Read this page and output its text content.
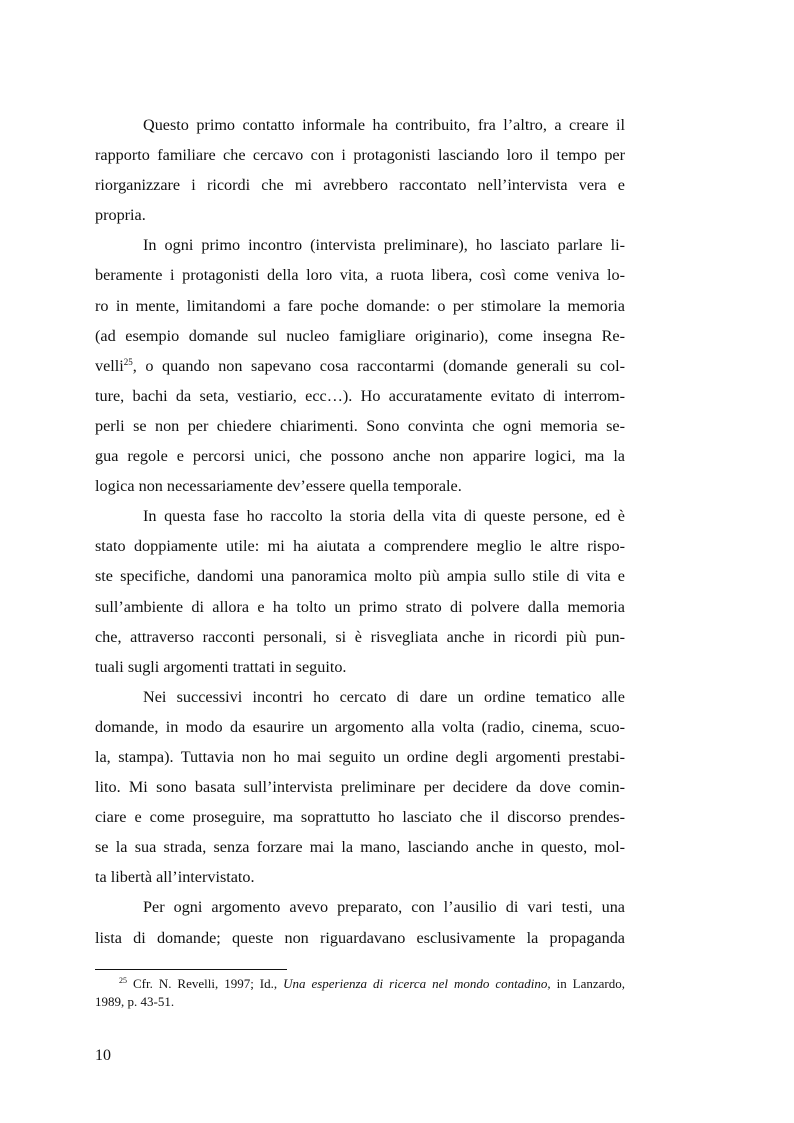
Questo primo contatto informale ha contribuito, fra l’altro, a creare il
rapporto familiare che cercavo con i protagonisti lasciando loro il tempo per
riorganizzare i ricordi che mi avrebbero raccontato nell’intervista vera e
propria.
In ogni primo incontro (intervista preliminare), ho lasciato parlare li-
beramente i protagonisti della loro vita, a ruota libera, così come veniva lo-
ro in mente, limitandomi a fare poche domande: o per stimolare la memoria
(ad esempio domande sul nucleo famigliare originario), come insegna Re-
velli$^{25}$, o quando non sapevano cosa raccontarmi (domande generali su col-
ture, bachi da seta, vestiario, ecc…). Ho accuratamente evitato di interrom-
perli se non per chiedere chiarimenti. Sono convinta che ogni memoria se-
gua regole e percorsi unici, che possono anche non apparire logici, ma la
logica non necessariamente dev’essere quella temporale.
In questa fase ho raccolto la storia della vita di queste persone, ed è
stato doppiamente utile: mi ha aiutata a comprendere meglio le altre rispo-
ste specifiche, dandomi una panoramica molto più ampia sullo stile di vita e
sull’ambiente di allora e ha tolto un primo strato di polvere dalla memoria
che, attraverso racconti personali, si è risvegliata anche in ricordi più pun-
tuali sugli argomenti trattati in seguito.
Nei successivi incontri ho cercato di dare un ordine tematico alle
domande, in modo da esaurire un argomento alla volta (radio, cinema, scuo-
la, stampa). Tuttavia non ho mai seguito un ordine degli argomenti prestabi-
lito. Mi sono basata sull’intervista preliminare per decidere da dove comin-
ciare e come proseguire, ma soprattutto ho lasciato che il discorso prendes-
se la sua strada, senza forzare mai la mano, lasciando anche in questo, mol-
ta libertà all’intervistato.
Per ogni argomento avevo preparato, con l’ausilio di vari testi, una
lista di domande; queste non riguardavano esclusivamente la propaganda
$^{25}$ Cfr. N. Revelli, 1997; Id., Una esperienza di ricerca nel mondo contadino, in Lanzardo,
1989, p. 43-51.
10
